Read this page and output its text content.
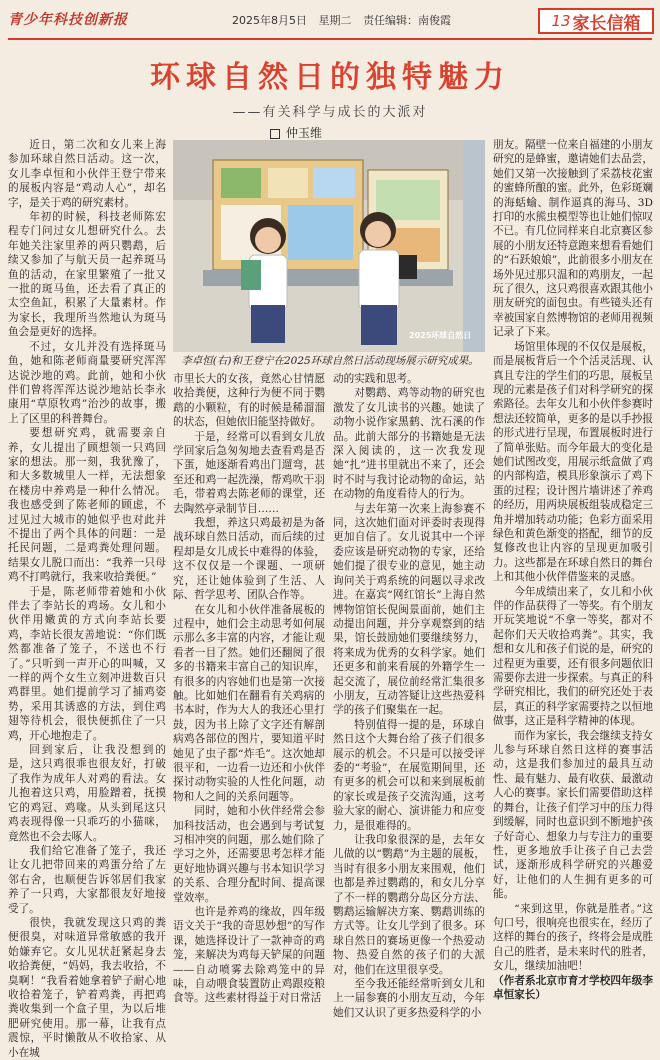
青少年科技创新报	2025年8月5日 星期二 责任编辑：南俊霞	13 家长信箱
环球自然日的独特魅力
——有关科学与成长的大派对
仲玉维
2025环球自然日
李卓恒(右)和王登宁在2025环球自然日活动现场展示研究成果。

近日，第二次和女儿来上海参加环球自然日活动。这一次，女儿李卓恒和小伙伴王登宁带来的展板内容是“鸡动人心”，却名字，是关于鸡的研究素材。

年初的时候，科技老师陈宏程专门问过女儿想研究什么。去年她关注家里养的两只鹦鹉，后续又参加了与航天员一起养斑马鱼的活动，在家里繁殖了一批又一批的斑马鱼，还去看了真正的太空鱼缸，积累了大量素材。作为家长，我理所当然地认为斑马鱼会是更好的选择。

不过，女儿并没有选择斑马鱼，她和陈老师商量要研究浑浑达说沙地的鸡。此前，她和小伙伴们曾将浑浑达说沙地站长李永康用“草原牧鸡”治沙的故事，搬上了区里的科普舞台。

要想研究鸡，就需要亲自养，女儿提出了顾想领一只鸡回家的想法。那一刻，我犹豫了，和大多数城里人一样，无法想象在楼房中养鸡是一种什么情况。我也感受到了陈老师的顾虑，不过见过大城市的她似乎也对此并不提出了两个具体的问题：一是托民问题，二是鸡粪处理问题。结果女儿脱口而出：“我养一只母鸡不打鸣就行，我来收拾粪便。”

于是，陈老师带着她和小伙伴去了李站长的鸡场。女儿和小伙伴用嫩黄的方式向李站长要鸡，李站长很友善地说：“你们既然都准备了笼子，不送也不行了。”只听到一声开心的叫喊，又一样的两个女生立刻冲进数百只鸡群里。她们提前学习了捕鸡姿势，采用其诱惑的方法，到住鸡翅等待机会，很快便抓住了一只鸡，开心地抱走了。

回到家后，让我没想到的是，这只鸡很乖也很友好，打破了我作为成年人对鸡的看法。女儿抱着这只鸡，用脸蹭着，抚摸它的鸡冠、鸡喙。从头到尾这只鸡表现得像一只乖巧的小猫咪，竟然也不会去啄人。

我们给它准备了笼子，我还让女儿把带回来的鸡蛋分给了左邻右舍，也顺便告诉邻居们我家养了一只鸡，大家都很友好地接受了。

很快，我就发现这只鸡的粪便很臭，对味道异常敏感的我开始嫌弃它。女儿见状赶紧起身去收拾粪便，“妈妈，我去收拾，不臭啊！”我看着她拿着铲子耐心地收拾着笼子，铲着鸡粪，再把鸡粪收集到一个盒子里，为以后堆肥研究使用。那一幕，让我有点震惊，平时懒散从不收拾家、从小在城

市里长大的女孩，竟然心甘情愿收拾粪便，这种行为便不同于鹦鹉的小颗粒，有的时候是稀溜溜的状态，但她依旧能坚持做好。

于是，经常可以看到女儿放学回家后急匆匆地去查看鸡是否下蛋，她逐渐看鸡出门遛弯，甚至还和鸡一起洗澡，帮鸡吹干羽毛，带着鸡去陈老师的课堂，还去陶然亭录制节目……

我想，养这只鸡最初是为备战环球自然日活动，而后续的过程却是女儿成长中难得的体验，这不仅仅是一个课题、一项研究，还让她体验到了生活、人际、哲学思考、团队合作等。

在女儿和小伙伴准备展板的过程中，她们会主动思考如何展示那么多丰富的内容，才能让观看者一目了然。她们还翻阅了很多的书籍来丰富自己的知识库，有很多的内容她们也是第一次接触。比如她们在翻看有关鸡病的书本时，作为大人的我还心里打鼓，因为书上除了文字还有解剖病鸡各部位的图片，要知道平时她见了虫子都“炸毛”。这次她却很平和，一边看一边还和小伙伴探讨动物实验的人性化问题，动物和人之间的关系问题等。

同时，她和小伙伴经常会参加科技活动，也会遇到与考试复习相冲突的问题，那么她们除了学习之外，还需要思考怎样才能更好地协调兴趣与书本知识学习的关系、合理分配时间、提高课堂效率。

也许是养鸡的缘故，四年级语文关于“我的奇思妙想”的写作课，她选择设计了一款神奇的鸡笼，来解决为鸡每天铲屎的问题——自动喷雾去除鸡笼中的异味，自动喂食装置防止鸡跟疫粮食等。这些素材得益于对日常活

动的实践和思考。

对鹦鹉、鸡等动物的研究也激发了女儿读书的兴趣。她读了动物小说作家黑鹤、沈石溪的作品。此前大部分的书籍她是无法深入阅读的，这一次我发现她“扎”进书里就出不来了，还会时不时与我讨论动物的命运，站在动物的角度看待人的行为。

与去年第一次来上海参赛不同，这次她们面对评委时表现得更加自信了。女儿说其中一个评委应该是研究动物的专家，还给她们提了很专业的意见，她主动询问关于鸡系统的问题以寻求改进。在嘉宾“网红馆长”上海自然博物馆馆长倪闽景面前，她们主动提出问题，并分享观察到的结果，馆长鼓励她们要继续努力，将来成为优秀的女科学家。她们还更多和前来看展的外籍学生一起交流了，展位前经常汇集很多小朋友，互动答疑让这些热爱科学的孩子们聚集在一起。

特别值得一提的是，环球自然日这个大舞台给了孩子们很多展示的机会。不只是可以接受评委的“考验”，在展览期间里，还有更多的机会可以和来到展板前的家长或是孩子交流沟通，这考验大家的耐心、演讲能力和应变力，是很难得的。

让我印象很深的是，去年女儿做的以“鹦鹉”为主题的展板，当时有很多小朋友来围观，他们也都是养过鹦鹉的，和女儿分享了不一样的鹦鹉分岛区分方法、鹦鹉运输解决方案、鹦鹉训练的方式等。让女儿学到了很多。环球自然日的赛场更像一个热爱动物、热爱自然的孩子们的大派对，他们在这里很享受。

至今我还能经常听到女儿和上一届参赛的小朋友互动，今年她们又认识了更多热爱科学的小

朋友。隔壁一位来自福建的小朋友研究的是蜂蜜，邀请她们去品尝，她们又第一次接触到了采荔枝花蜜的蜜蜂所酿的蜜。此外，色彩斑斓的海蛞蝓、制作逼真的海马、3D打印的水熊虫模型等也让她们惊叹不已。有几位同样来自北京赛区参展的小朋友还特意跑来想看看她们的“石跃娘娘”，此前很多小朋友在场外见过那只温和的鸡朋友，一起玩了很久，这只鸡很喜欢跟其他小朋友研究的面包虫。有些镜头还有幸被国家自然博物馆的老师用视频记录了下来。

场馆里体现的不仅仅是展板，而是展板背后一个个活灵活现、认真且专注的学生们的巧思，展板呈现的元素是孩子们对科学研究的探索路径。去年女儿和小伙伴参赛时想法还较简单，更多的是以手抄报的形式进行呈现，布置展板时进行了简单张贴。而今年最大的变化是她们试图改变，用展示纸盒做了鸡的内部构造，模具形象演示了鸡下蛋的过程；设计图片墙讲述了养鸡的经历，用两块展板组装成稳定三角并增加转动功能；色彩方面采用绿色和黄色渐变的搭配，细节的反复修改也让内容的呈现更加吸引力。这些都是在环球自然日的舞台上和其他小伙伴借鉴来的灵感。

今年成绩出来了，女儿和小伙伴的作品获得了一等奖。有个朋友开玩笑地说“不拿一等奖，都对不起你们天天收拾鸡粪”。其实，我想和女儿和孩子们说的是，研究的过程更为重要，还有很多问题依旧需要你去进一步探索。与真正的科学研究相比，我们的研究还处于表层，真正的科学家需要持之以恒地做事，这正是科学精神的体现。

而作为家长，我会继续支持女儿参与环球自然日这样的赛事活动，这是我们参加过的最具互动性、最有魅力、最有收获、最激动人心的赛事。家长们需要借助这样的舞台，让孩子们学习中的压力得到缓解，同时也意识到不断地护孩子好奇心、想象力与专注力的重要性，更多地放手让孩子自己去尝试，逐渐形成科学研究的兴趣爱好，让他们的人生拥有更多的可能。

“来到这里，你就是胜者。”这句口号，很响亮也很实在，经历了这样的舞台的孩子，终将会是成胜自己的胜者，是未来时代的胜者，女儿，继续加油吧！

（作者系北京市育才学校四年级李卓恒家长）
